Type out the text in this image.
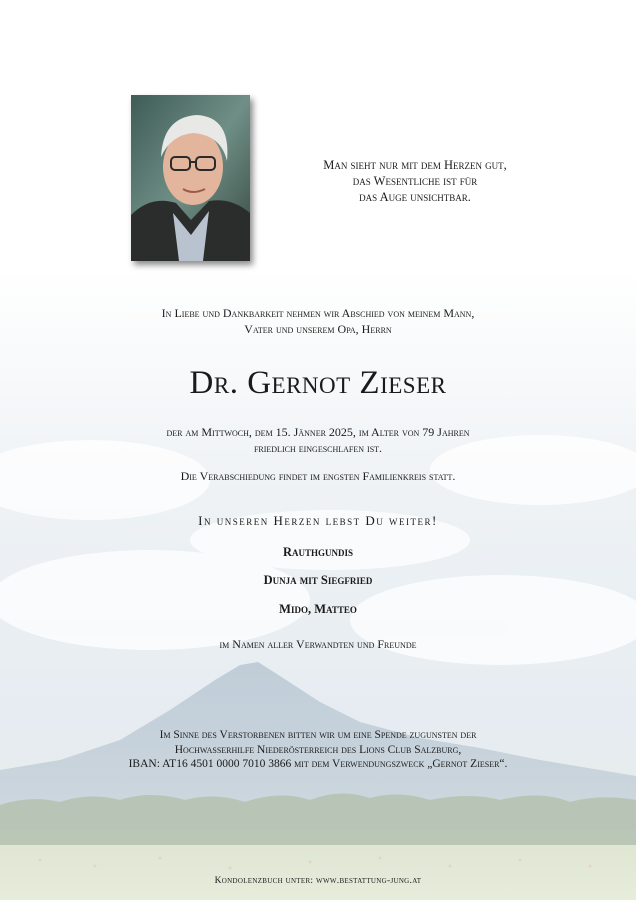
Man sieht nur mit dem Herzen gut,
das Wesentliche ist für
das Auge unsichtbar.
In Liebe und Dankbarkeit nehmen wir Abschied von meinem Mann,
Vater und unserem Opa, Herrn
Dr. Gernot Zieser
der am Mittwoch, dem 15. Jänner 2025, im Alter von 79 Jahren
friedlich eingeschlafen ist.
Die Verabschiedung findet im engsten Familienkreis statt.
In unseren Herzen lebst Du weiter!
Rauthgundis
Dunja mit Siegfried
Mido, Matteo
im Namen aller Verwandten und Freunde
Im Sinne des Verstorbenen bitten wir um eine Spende zugunsten der
Hochwasserhilfe Niederösterreich des Lions Club Salzburg,
IBAN: AT16 4501 0000 7010 3866 mit dem Verwendungszweck „Gernot Zieser“.
Kondolenzbuch unter: www.bestattung-jung.at
